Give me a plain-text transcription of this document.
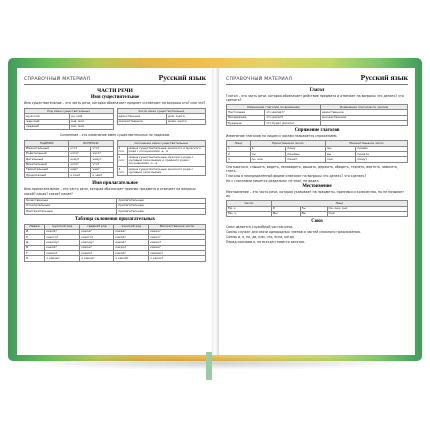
СПРАВОЧНЫЙ МАТЕРИАЛ	Русский язык
ЧАСТИ РЕЧИ
Имя существительное
Имя существительное – это часть речи, которая обозначает предмет и отвечает на вопросы кто? или что?
Род имен существительных	
мужской	он, мой
женский	она, моя
средний	оно, моё
Число имен существительных	
единственное	дом, книга
множественное	дома, книги
Склонение – это изменение имен существительных по падежам.
ПАДЕЖИ	ВОПРОСЫ	
Именительный	кто?	что?
Родительный	кого?	чего?
Дательный	кому?	чему?
Винительный	кого?	что?
Творительный	кем?	чем?
Предложный	о ком?	о чём?
Склонение имен существительных	
1 скл.	имена существительные женского и мужского рода с окончаниями -а, -я
2 скл.	имена существительные мужского рода с нулевым окончанием и среднего рода с окончаниями -о, -е
3 скл.	имена существительные женского рода с нулевым окончанием
Имя прилагательное
Имя прилагательное – это часть речи, которая обозначает признак предмета и отвечает на вопросы какой? какая? какое? какие?
Качественные	прилагательные
Относительные	прилагательные
Притяжательные	прилагательные
Таблица склонения прилагательных
Падеж	мужской род	средний род	женский род	Множественное число
И.	какой?	какое?	какая?	какие?
Р.	какого?	какого?	какой?	каких?
Д.	какому?	какому?	какой?	каким?
В.	какой?	какое?	какую?	какие?
Т.	каким?	каким?	какой?	какими?
П.	о каком?	о каком?	о какой?	о каких?
СПРАВОЧНЫЙ МАТЕРИАЛ	Русский язык
Глагол
Глагол – это часть речи, которая обозначает действие предмета и отвечает на вопросы что делать? что сделать?
Изменение глаголов по временам		Изменение глаголов по числам
Настоящее	что делает?	единственное
Прошедшее	что делал?	множественное
Будущее	что будет делать?	
Спряжение глаголов
Изменение глаголов по лицам и числам называется спряжением.
Лицо	Единственное число		Множественное число	
1	я	пишу	мы	пишем
2	ты	пишешь	вы	пишете
3	он, она	пишет	они	пишут
Спотыкаться, слышать, видеть, ненавидеть, дышать, держать, обидеть, терпеть, вертеть, зависеть, гнать.
Глаголы в неопределённой форме отвечают на вопросы что делать? что сделать?
Не с глаголами пишется раздельно: не знал, не видел.
Местоимение
Местоимение – это часть речи, которая указывает на предметы, признаки и количества, но не называет их.
Число	Лицо		
Ед. ч.	Я	Ты	Он, она, оно
Мн. ч.	Мы	Вы	Они
Союз
Союз является служебной частью речи.
Союзы служат для связи однородных членов и частей сложного предложения.
Союзы и, а, но, да, или, что, если, когда.
Перед союзами а, но всегда ставится запятая.
